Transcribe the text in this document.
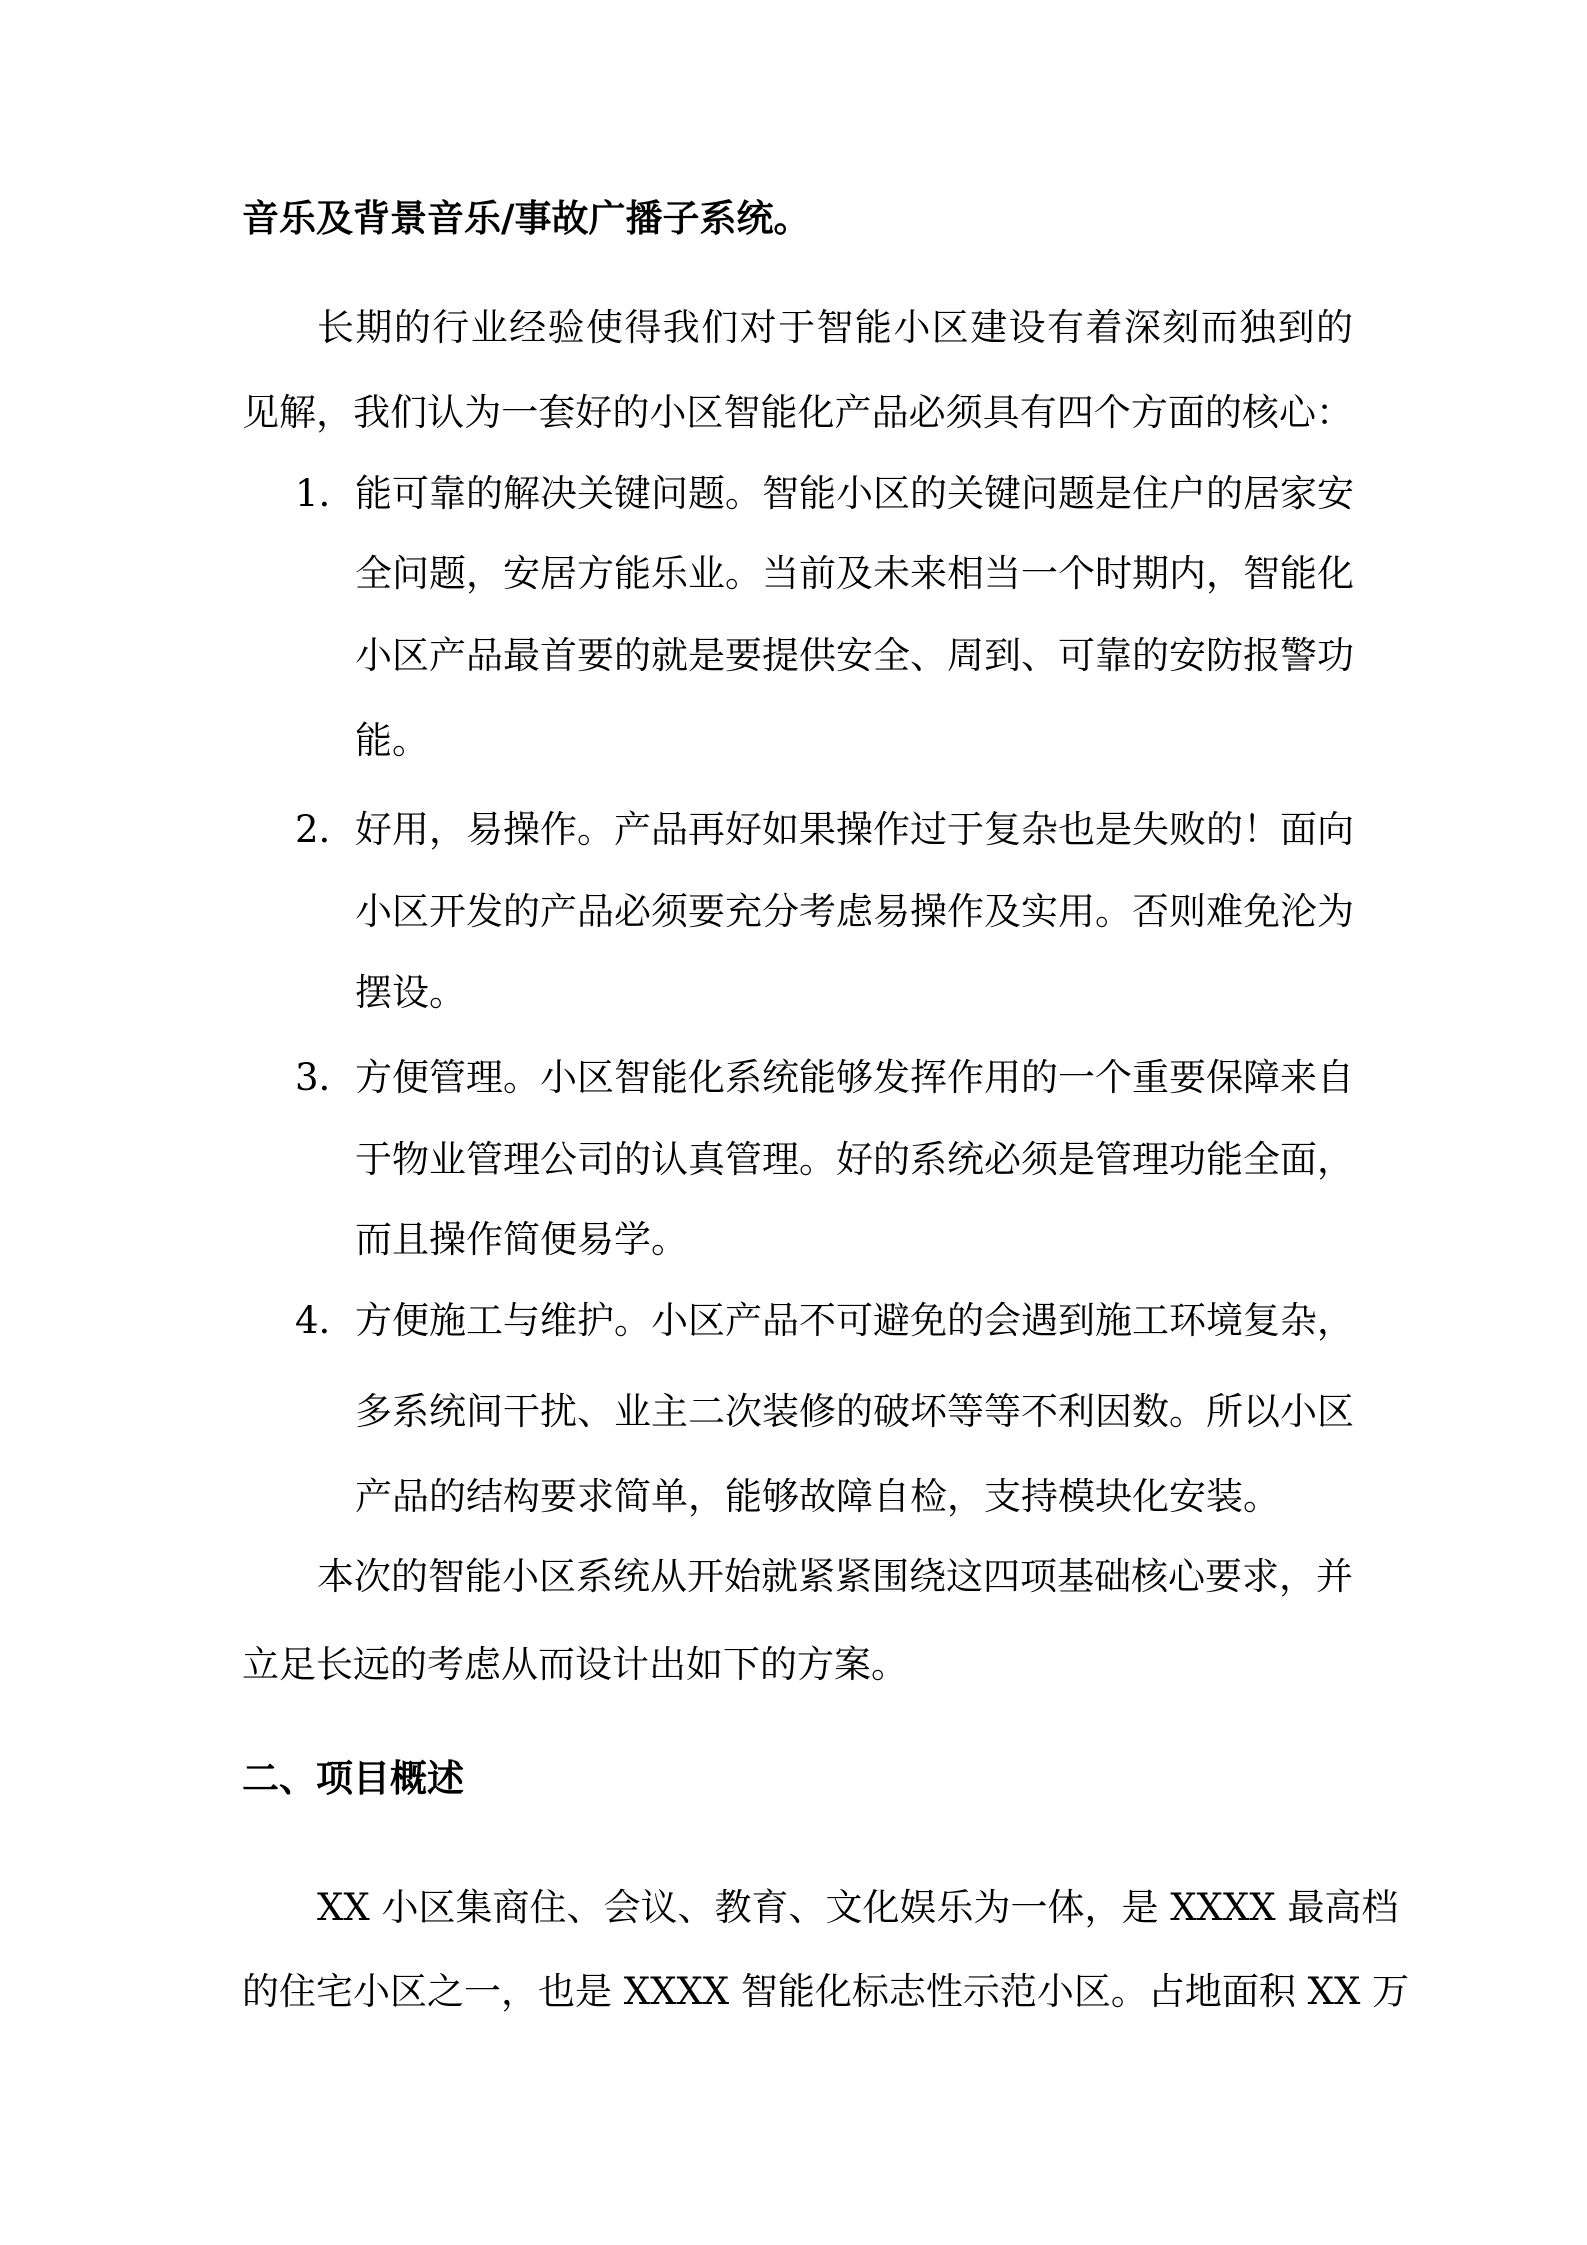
音乐及背景音乐/事故广播子系统。
长期的行业经验使得我们对于智能小区建设有着深刻而独到的
见解，我们认为一套好的小区智能化产品必须具有四个方面的核心：
1. 能可靠的解决关键问题。智能小区的关键问题是住户的居家安
全问题，安居方能乐业。当前及未来相当一个时期内，智能化
小区产品最首要的就是要提供安全、周到、可靠的安防报警功
能。
2. 好用，易操作。产品再好如果操作过于复杂也是失败的！面向
小区开发的产品必须要充分考虑易操作及实用。否则难免沦为
摆设。
3. 方便管理。小区智能化系统能够发挥作用的一个重要保障来自
于物业管理公司的认真管理。好的系统必须是管理功能全面，
而且操作简便易学。
4. 方便施工与维护。小区产品不可避免的会遇到施工环境复杂，
多系统间干扰、业主二次装修的破坏等等不利因数。所以小区
产品的结构要求简单，能够故障自检，支持模块化安装。
本次的智能小区系统从开始就紧紧围绕这四项基础核心要求，并
立足长远的考虑从而设计出如下的方案。
二、项目概述
XX 小区集商住、会议、教育、文化娱乐为一体，是 XXXX 最高档
的住宅小区之一，也是 XXXX 智能化标志性示范小区。占地面积 XX 万
